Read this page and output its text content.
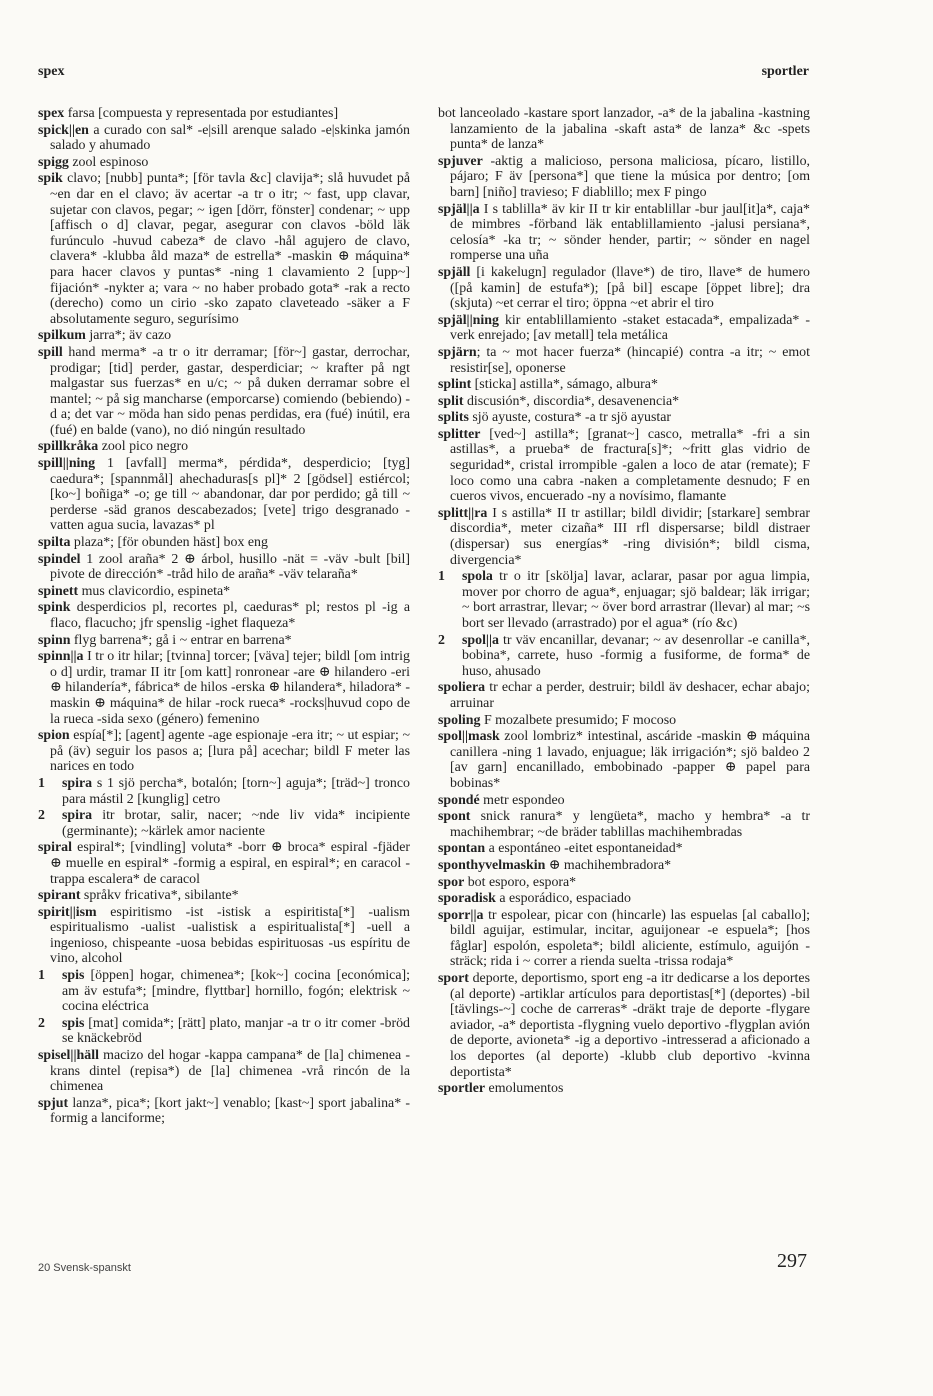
spex	sportler

spex farsa [compuesta y representada por estudiantes]

spick||en a curado con sal* -e|sill arenque salado -e|skinka jamón salado y ahumado

spigg zool espinoso

spik clavo; [nubb] punta*; [för tavla &c] clavija*; slå huvudet på ~en dar en el clavo; äv acertar -a tr o itr; ~ fast, upp clavar, sujetar con clavos, pegar; ~ igen [dörr, fönster] condenar; ~ upp [affisch o d] clavar, pegar, asegurar con clavos -böld läk furúnculo -huvud cabeza* de clavo -hål agujero de clavo, clavera* -klubba åld maza* de estrella* -maskin ⊕ máquina* para hacer clavos y puntas* -ning 1 clavamiento 2 [upp~] fijación* -nykter a; vara ~ no haber probado gota* -rak a recto (derecho) como un cirio -sko zapato claveteado -säker a F absolutamente seguro, segurísimo

spilkum jarra*; äv cazo

spill hand merma* -a tr o itr derramar; [för~] gastar, derrochar, prodigar; [tid] perder, gastar, desperdiciar; ~ krafter på ngt malgastar sus fuerzas* en u/c; ~ på duken derramar sobre el mantel; ~ på sig mancharse (emporcarse) comiendo (bebiendo) -d a; det var ~ möda han sido penas perdidas, era (fué) inútil, era (fué) en balde (vano), no dió ningún resultado

spillkråka zool pico negro

spill||ning 1 [avfall] merma*, pérdida*, desperdicio; [tyg] caedura*; [spannmål] ahechaduras[s pl]* 2 [gödsel] estiércol; [ko~] boñiga* -o; ge till ~ abandonar, dar por perdido; gå till ~ perderse -säd granos descabezados; [vete] trigo desgranado -vatten agua sucia, lavazas* pl

spilta plaza*; [för obunden häst] box eng

spindel 1 zool araña* 2 ⊕ árbol, husillo -nät = -väv -bult [bil] pivote de dirección* -tråd hilo de araña* -väv telaraña*

spinett mus clavicordio, espineta*

spink desperdicios pl, recortes pl, caeduras* pl; restos pl -ig a flaco, flacucho; jfr spenslig -ighet flaqueza*

spinn flyg barrena*; gå i ~ entrar en barrena*

spinn||a I tr o itr hilar; [tvinna] torcer; [väva] tejer; bildl [om intrig o d] urdir, tramar II itr [om katt] ronronear -are ⊕ hilandero -eri ⊕ hilandería*, fábrica* de hilos -erska ⊕ hilandera*, hiladora* -maskin ⊕ máquina* de hilar -rock rueca* -rocks|huvud copo de la rueca -sida sexo (género) femenino

spion espía[*]; [agent] agente -age espionaje -era itr; ~ ut espiar; ~ på (äv) seguir los pasos a; [lura på] acechar; bildl F meter las narices en todo

1 spira s 1 sjö percha*, botalón; [torn~] aguja*; [träd~] tronco para mástil 2 [kunglig] cetro

2 spira itr brotar, salir, nacer; ~nde liv vida* incipiente (germinante); ~kärlek amor naciente

spiral espiral*; [vindling] voluta* -borr ⊕ broca* espiral -fjäder ⊕ muelle en espiral* -formig a espiral, en espiral*; en caracol -trappa escalera* de caracol

spirant språkv fricativa*, sibilante*

spirit||ism espiritismo -ist -istisk a espiritista[*] -ualism espiritualismo -ualist -ualistisk a espiritualista[*] -uell a ingenioso, chispeante -uosa bebidas espirituosas -us espíritu de vino, alcohol

1 spis [öppen] hogar, chimenea*; [kok~] cocina [económica]; am äv estufa*; [mindre, flyttbar] hornillo, fogón; elektrisk ~ cocina eléctrica

2 spis [mat] comida*; [rätt] plato, manjar -a tr o itr comer -bröd se knäckebröd

spisel||häll macizo del hogar -kappa campana* de [la] chimenea -krans dintel (repisa*) de [la] chimenea -vrå rincón de la chimenea

spjut lanza*, pica*; [kort jakt~] venablo; [kast~] sport jabalina* -formig a lanciforme;

bot lanceolado -kastare sport lanzador, -a* de la jabalina -kastning lanzamiento de la jabalina -skaft asta* de lanza* &c -spets punta* de lanza*

spjuver -aktig a malicioso, persona maliciosa, pícaro, listillo, pájaro; F äv [persona*] que tiene la música por dentro; [om barn] [niño] travieso; F diablillo; mex F pingo

spjäl||a I s tablilla* äv kir II tr kir entablillar -bur jaul[it]a*, caja* de mimbres -förband läk entablillamiento -jalusi persiana*, celosía* -ka tr; ~ sönder hender, partir; ~ sönder en nagel romperse una uña

spjäll [i kakelugn] regulador (llave*) de tiro, llave* de humero ([på kamin] de estufa*); [på bil] escape [öppet libre]; dra (skjuta) ~et cerrar el tiro; öppna ~et abrir el tiro

spjäl||ning kir entablillamiento -staket estacada*, empalizada* -verk enrejado; [av metall] tela metálica

spjärn; ta ~ mot hacer fuerza* (hincapié) contra -a itr; ~ emot resistir[se], oponerse

splint [sticka] astilla*, sámago, albura*

split discusión*, discordia*, desavenencia*

splits sjö ayuste, costura* -a tr sjö ayustar

splitter [ved~] astilla*; [granat~] casco, metralla* -fri a sin astillas*, a prueba* de fractura[s]*; ~fritt glas vidrio de seguridad*, cristal irrompible -galen a loco de atar (remate); F loco como una cabra -naken a completamente desnudo; F en cueros vivos, encuerado -ny a novísimo, flamante

splitt||ra I s astilla* II tr astillar; bildl dividir; [starkare] sembrar discordia*, meter cizaña* III rfl dispersarse; bildl distraer (dispersar) sus energías* -ring división*; bildl cisma, divergencia*

1 spola tr o itr [skölja] lavar, aclarar, pasar por agua limpia, mover por chorro de agua*, enjuagar; sjö baldear; läk irrigar; ~ bort arrastrar, llevar; ~ över bord arrastrar (llevar) al mar; ~s bort ser llevado (arrastrado) por el agua* (río &c)

2 spol||a tr väv encanillar, devanar; ~ av desenrollar -e canilla*, bobina*, carrete, huso -formig a fusiforme, de forma* de huso, ahusado

spoliera tr echar a perder, destruir; bildl äv deshacer, echar abajo; arruinar

spoling F mozalbete presumido; F mocoso

spol||mask zool lombriz* intestinal, ascáride -maskin ⊕ máquina canillera -ning 1 lavado, enjuague; läk irrigación*; sjö baldeo 2 [av garn] encanillado, embobinado -papper ⊕ papel para bobinas*

spondé metr espondeo

spont snick ranura* y lengüeta*, macho y hembra* -a tr machihembrar; ~de bräder tablillas machihembradas

spontan a espontáneo -eitet espontaneidad*

sponthyvelmaskin ⊕ machihembradora*

spor bot esporo, espora*

sporadisk a esporádico, espaciado

sporr||a tr espolear, picar con (hincarle) las espuelas [al caballo]; bildl aguijar, estimular, incitar, aguijonear -e espuela*; [hos fåglar] espolón, espoleta*; bildl aliciente, estímulo, aguijón -sträck; rida i ~ correr a rienda suelta -trissa rodaja*

sport deporte, deportismo, sport eng -a itr dedicarse a los deportes (al deporte) -artiklar artículos para deportistas[*] (deportes) -bil [tävlings-~] coche de carreras* -dräkt traje de deporte -flygare aviador, -a* deportista -flygning vuelo deportivo -flygplan avión de deporte, avioneta* -ig a deportivo -intresserad a aficionado a los deportes (al deporte) -klubb club deportivo -kvinna deportista*

sportler emolumentos

20 Svensk-spanskt	297
